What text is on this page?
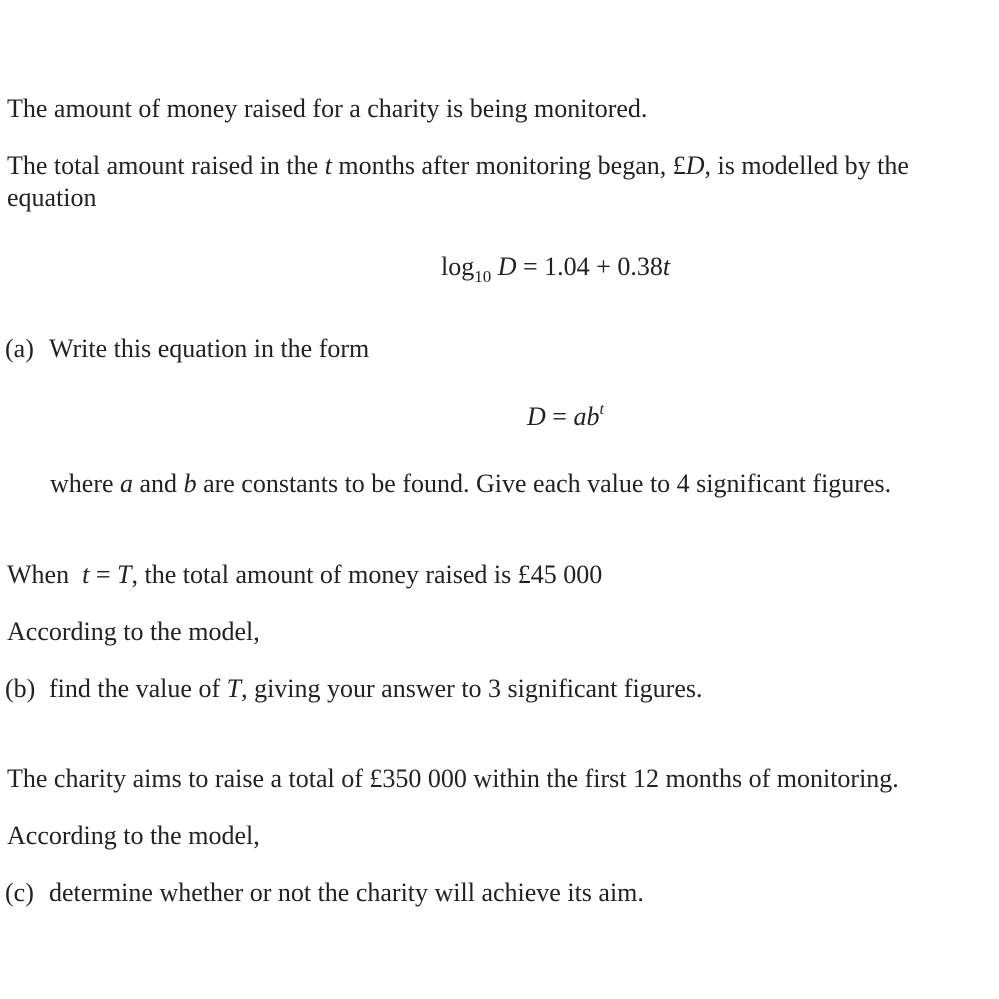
The amount of money raised for a charity is being monitored.
The total amount raised in the t months after monitoring began, £D, is modelled by the equation
$\log_{10} D = 1.04 + 0.38t$
(a) Write this equation in the form
$D = ab^t$
where a and b are constants to be found. Give each value to 4 significant figures.
When  t = T, the total amount of money raised is £45 000
According to the model,
(b) find the value of T, giving your answer to 3 significant figures.
The charity aims to raise a total of £350 000 within the first 12 months of monitoring.
According to the model,
(c) determine whether or not the charity will achieve its aim.
